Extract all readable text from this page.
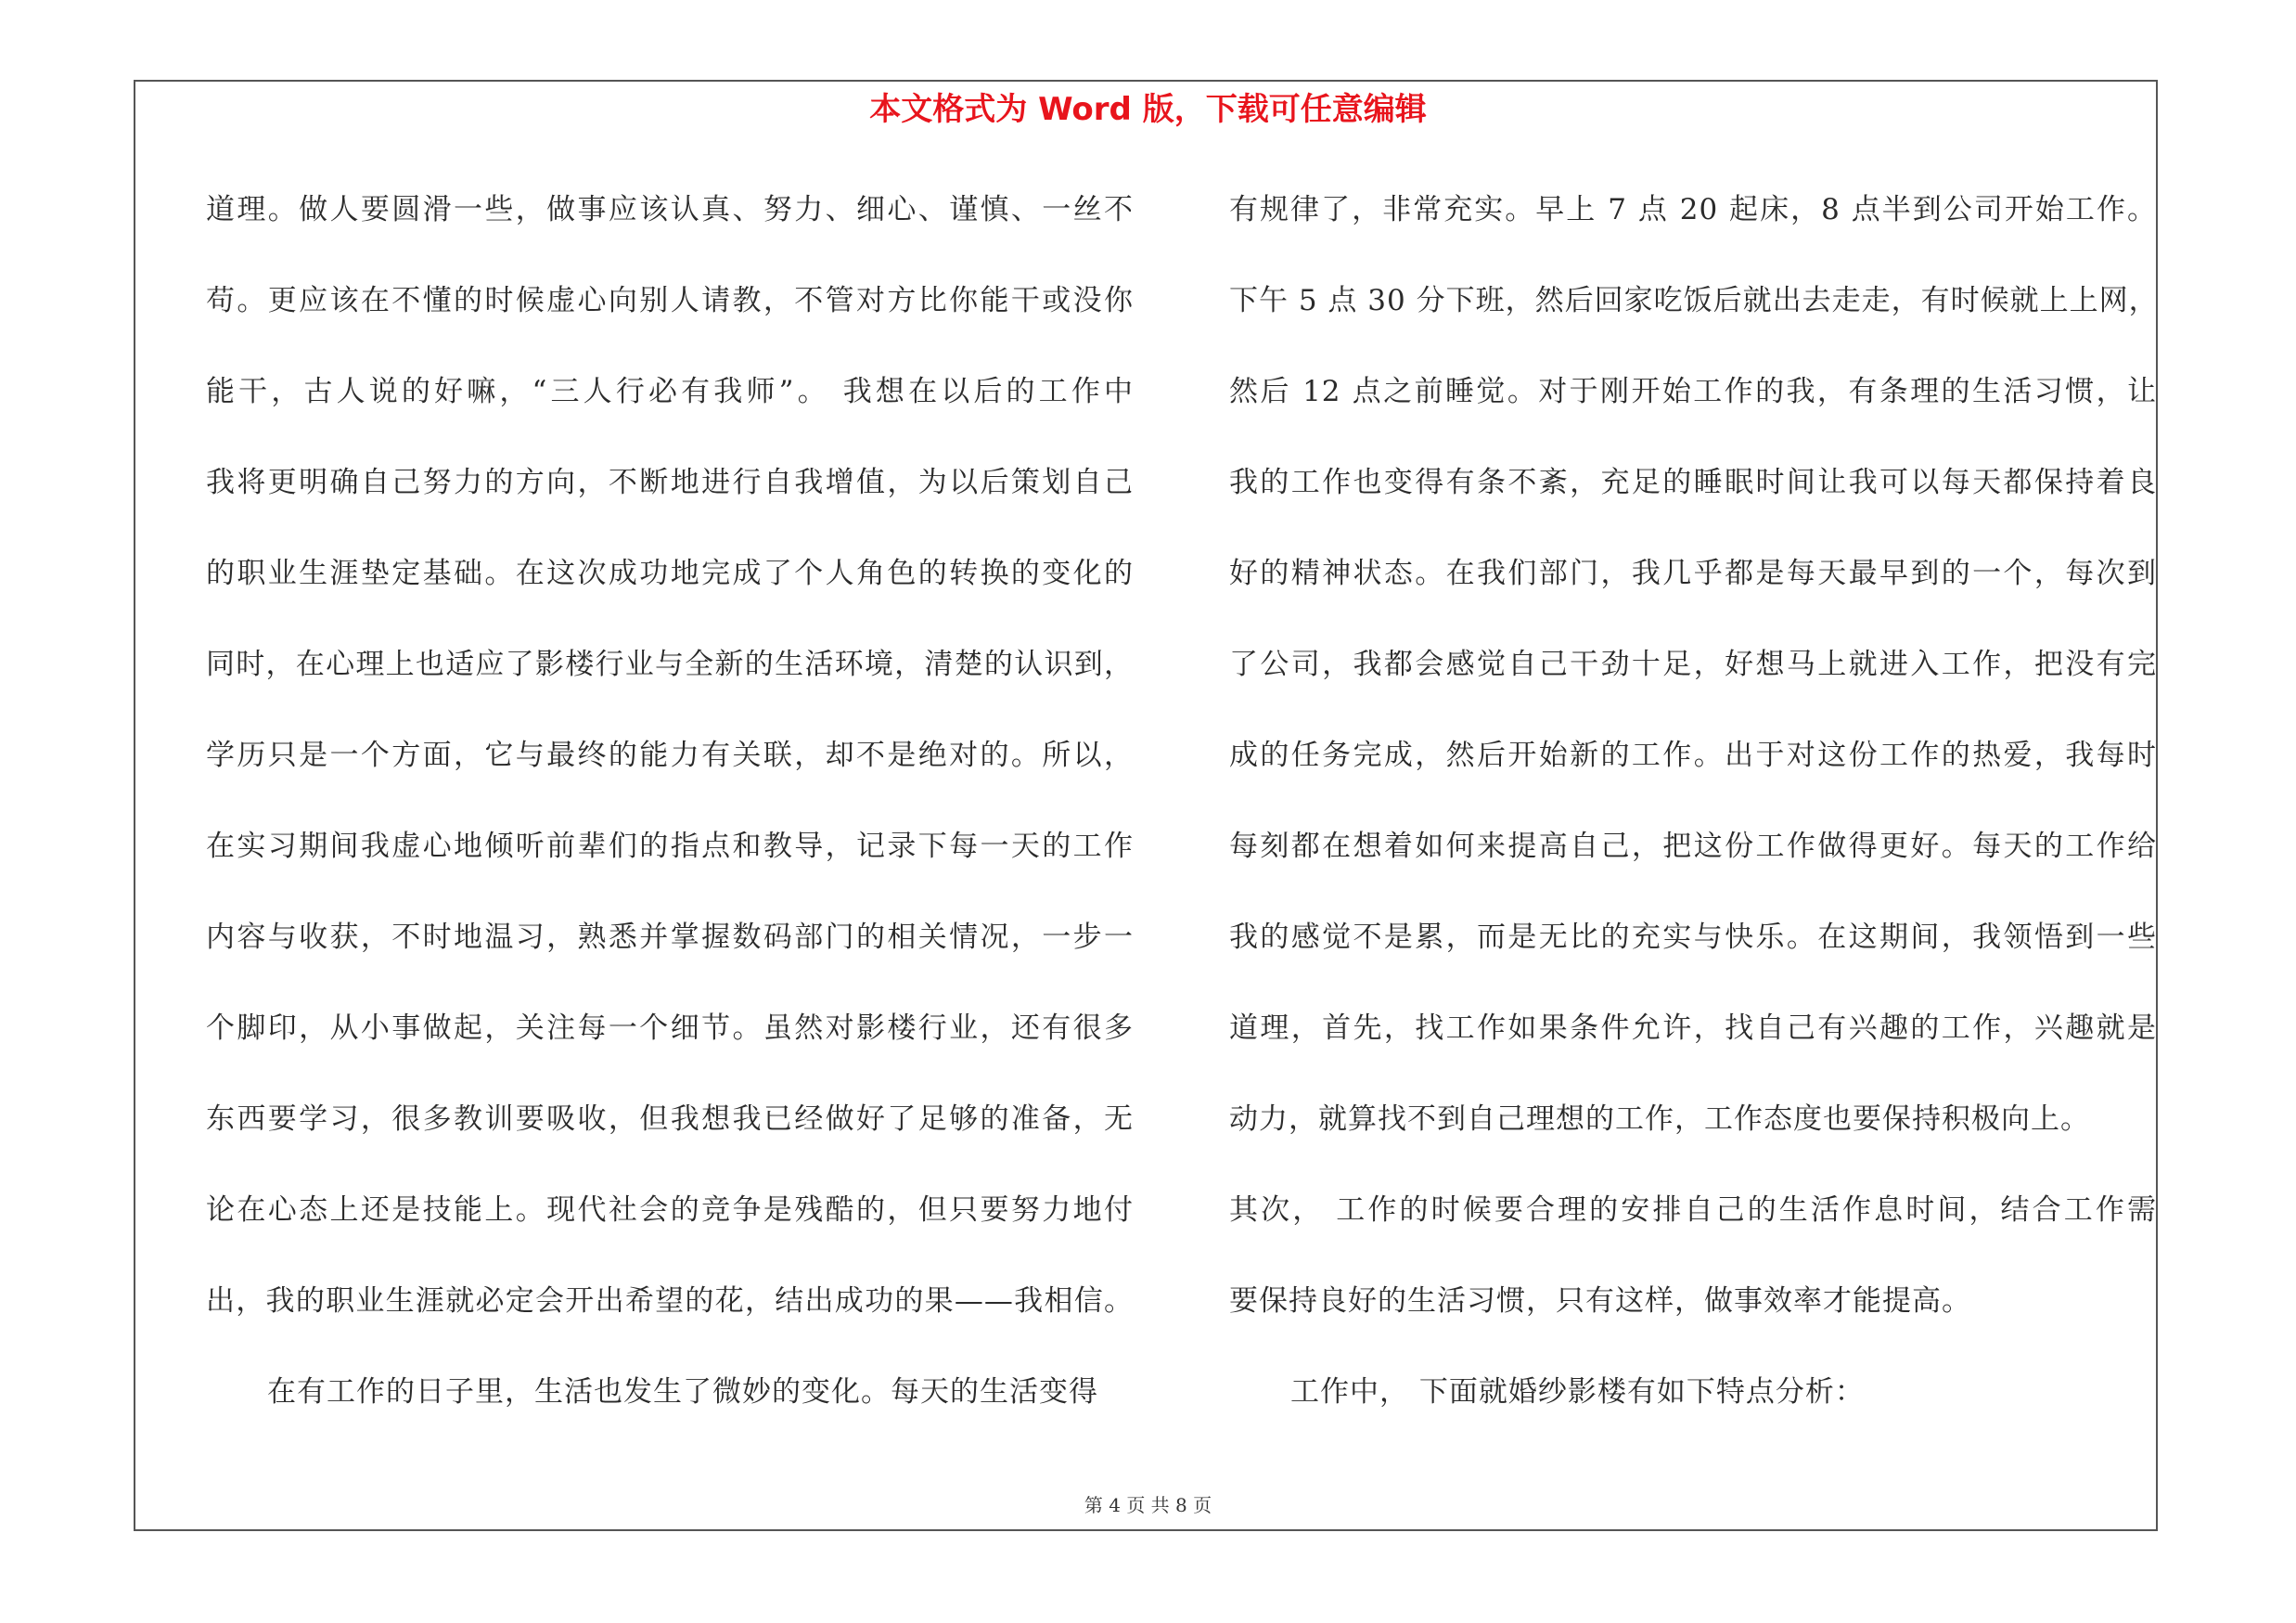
本文格式为 Word 版，下载可任意编辑
道理。做人要圆滑一些，做事应该认真、努力、细心、谨慎、一丝不
苟。更应该在不懂的时候虚心向别人请教，不管对方比你能干或没你
能干，古人说的好嘛，“三人行必有我师”。 我想在以后的工作中
我将更明确自己努力的方向，不断地进行自我增值，为以后策划自己
的职业生涯垫定基础。在这次成功地完成了个人角色的转换的变化的
同时，在心理上也适应了影楼行业与全新的生活环境，清楚的认识到，
学历只是一个方面，它与最终的能力有关联，却不是绝对的。所以，
在实习期间我虚心地倾听前辈们的指点和教导，记录下每一天的工作
内容与收获，不时地温习，熟悉并掌握数码部门的相关情况，一步一
个脚印，从小事做起，关注每一个细节。虽然对影楼行业，还有很多
东西要学习，很多教训要吸收，但我想我已经做好了足够的准备，无
论在心态上还是技能上。现代社会的竞争是残酷的，但只要努力地付
出，我的职业生涯就必定会开出希望的花，结出成功的果——我相信。
在有工作的日子里，生活也发生了微妙的变化。每天的生活变得
有规律了，非常充实。早上 7 点 20 起床，8 点半到公司开始工作。
下午 5 点 30 分下班，然后回家吃饭后就出去走走，有时候就上上网，
然后 12 点之前睡觉。对于刚开始工作的我，有条理的生活习惯，让
我的工作也变得有条不紊，充足的睡眠时间让我可以每天都保持着良
好的精神状态。在我们部门，我几乎都是每天最早到的一个，每次到
了公司，我都会感觉自己干劲十足，好想马上就进入工作，把没有完
成的任务完成，然后开始新的工作。出于对这份工作的热爱，我每时
每刻都在想着如何来提高自己，把这份工作做得更好。每天的工作给
我的感觉不是累，而是无比的充实与快乐。在这期间，我领悟到一些
道理，首先，找工作如果条件允许，找自己有兴趣的工作，兴趣就是
动力，就算找不到自己理想的工作，工作态度也要保持积极向上。
其次， 工作的时候要合理的安排自己的生活作息时间，结合工作需
要保持良好的生活习惯，只有这样，做事效率才能提高。
工作中， 下面就婚纱影楼有如下特点分析：
第 4 页 共 8 页
